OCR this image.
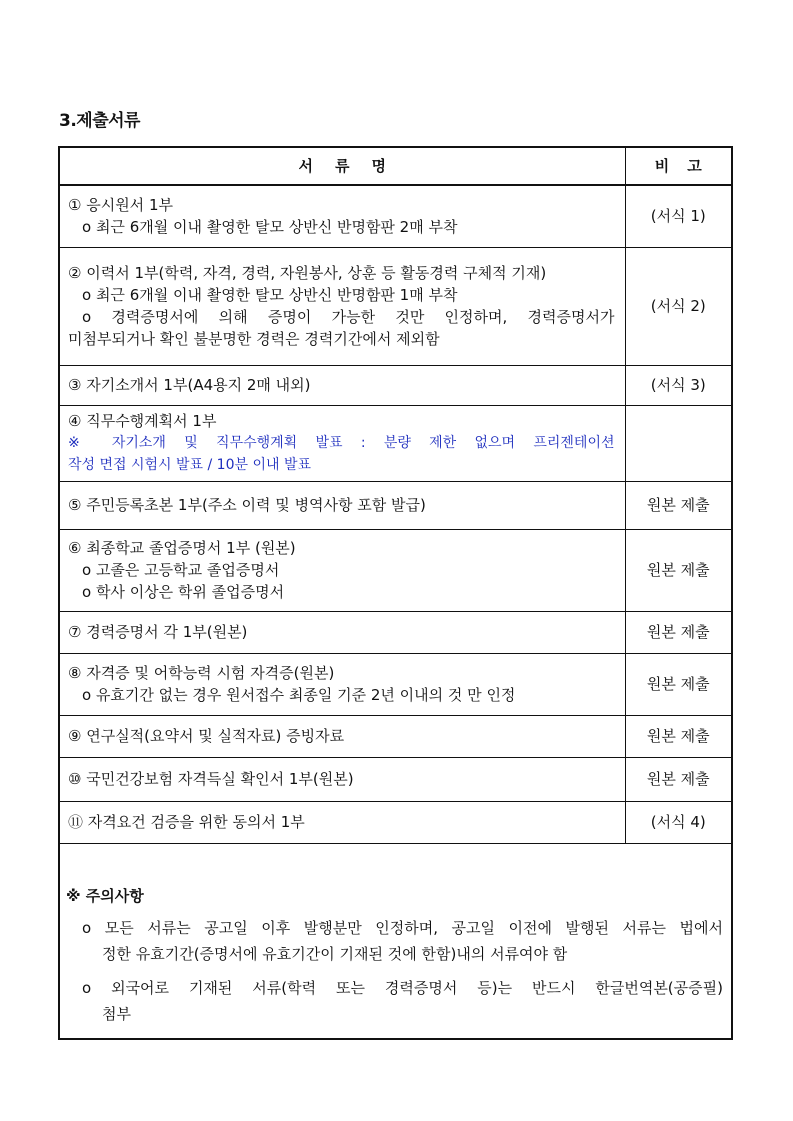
3.제출서류
서류명	비고

① 응시원서 1부
o 최근 6개월 이내 촬영한 탈모 상반신 반명함판 2매 부착	(서식 1)

② 이력서 1부(학력, 자격, 경력, 자원봉사, 상훈 등 활동경력 구체적 기재)
o 최근 6개월 이내 촬영한 탈모 상반신 반명함판 1매 부착
o 경력증명서에 의해 증명이 가능한 것만 인정하며, 경력증명서가
미첨부되거나 확인 불분명한 경력은 경력기간에서 제외함	(서식 2)

③ 자기소개서 1부(A4용지 2매 내외)	(서식 3)

④ 직무수행계획서 1부
※ 자기소개 및 직무수행계획 발표 : 분량 제한 없으며 프리젠테이션
작성 면접 시험시 발표 / 10분 이내 발표	

⑤ 주민등록초본 1부(주소 이력 및 병역사항 포함 발급)	원본 제출

⑥ 최종학교 졸업증명서 1부 (원본)
o 고졸은 고등학교 졸업증명서
o 학사 이상은 학위 졸업증명서	원본 제출

⑦ 경력증명서 각 1부(원본)	원본 제출

⑧ 자격증 및 어학능력 시험 자격증(원본)
o 유효기간 없는 경우 원서접수 최종일 기준 2년 이내의 것 만 인정	원본 제출

⑨ 연구실적(요약서 및 실적자료) 증빙자료	원본 제출

⑩ 국민건강보험 자격득실 확인서 1부(원본)	원본 제출

⑪ 자격요건 검증을 위한 동의서 1부	(서식 4)

※ 주의사항
o 모든 서류는 공고일 이후 발행분만 인정하며, 공고일 이전에 발행된 서류는 법에서
정한 유효기간(증명서에 유효기간이 기재된 것에 한함)내의 서류여야 함
o 외국어로 기재된 서류(학력 또는 경력증명서 등)는 반드시 한글번역본(공증필)
첨부	
